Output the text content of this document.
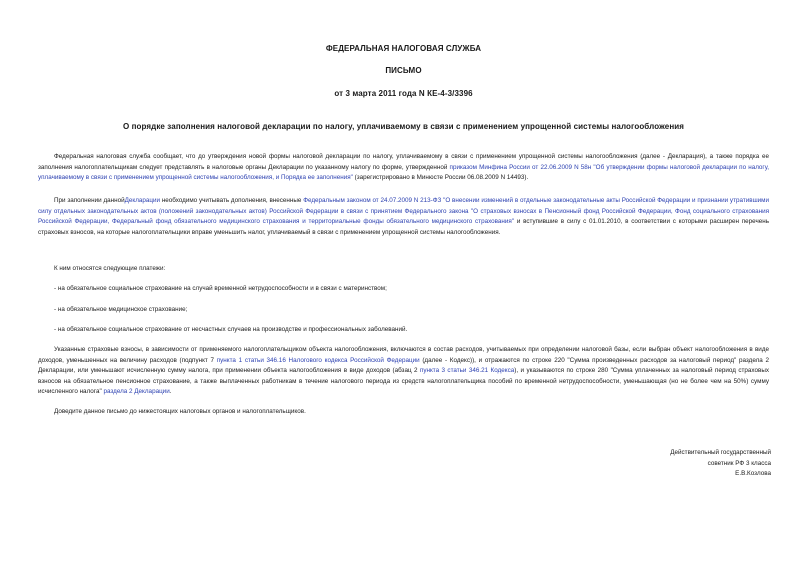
ФЕДЕРАЛЬНАЯ НАЛОГОВАЯ СЛУЖБА
ПИСЬМО
от 3 марта 2011 года N КЕ-4-3/3396
О порядке заполнения налоговой декларации по налогу, уплачиваемому в связи с применением упрощенной системы налогообложения

Федеральная налоговая служба сообщает, что до утверждения новой формы налоговой декларации по налогу, уплачиваемому в связи с применением упрощенной системы налогообложения (далее - Декларация), а также порядка ее заполнения налогоплательщикам следует представлять в налоговые органы Декларации по указанному налогу по форме, утвержденной приказом Минфина России от 22.06.2009 N 58н "Об утверждении формы налоговой декларации по налогу, уплачиваемому в связи с применением упрощенной системы налогообложения, и Порядка ее заполнения" (зарегистрировано в Минюсте России 06.08.2009 N 14493).

При заполнении даннойДекларации необходимо учитывать дополнения, внесенные Федеральным законом от 24.07.2009 N 213-ФЗ "О внесении изменений в отдельные законодательные акты Российской Федерации и признании утратившими силу отдельных законодательных актов (положений законодательных актов) Российской Федерации в связи с принятием Федерального закона "О страховых взносах в Пенсионный фонд Российской Федерации, Фонд социального страхования Российской Федерации, Федеральный фонд обязательного медицинского страхования и территориальные фонды обязательного медицинского страхования" и вступившие в силу с 01.01.2010, в соответствии с которыми расширен перечень страховых взносов, на которые налогоплательщики вправе уменьшить налог, уплачиваемый в связи с применением упрощенной системы налогообложения.

К ним относятся следующие платежи:

- на обязательное социальное страхование на случай временной нетрудоспособности и в связи с материнством;

- на обязательное медицинское страхование;

- на обязательное социальное страхование от несчастных случаев на производстве и профессиональных заболеваний.

Указанные страховые взносы, в зависимости от применяемого налогоплательщиком объекта налогообложения, включаются в состав расходов, учитываемых при определении налоговой базы, если выбран объект налогообложения в виде доходов, уменьшенных на величину расходов (подпункт 7 пункта 1 статьи 346.16 Налогового кодекса Российской Федерации (далее - Кодекс)), и отражаются по строке 220 "Сумма произведенных расходов за налоговый период" раздела 2 Декларации, или уменьшают исчисленную сумму налога, при применении объекта налогообложения в виде доходов (абзац 2 пункта 3 статьи 346.21 Кодекса), и указываются по строке 280 "Сумма уплаченных за налоговый период страховых взносов на обязательное пенсионное страхование, а также выплаченных работникам в течение налогового периода из средств налогоплательщика пособий по временной нетрудоспособности, уменьшающая (но не более чем на 50%) сумму исчисленного налога" раздела 2 Декларации.

Доведите данное письмо до нижестоящих налоговых органов и налогоплательщиков.

Действительный государственный
советник РФ 3 класса
Е.В.Козлова
